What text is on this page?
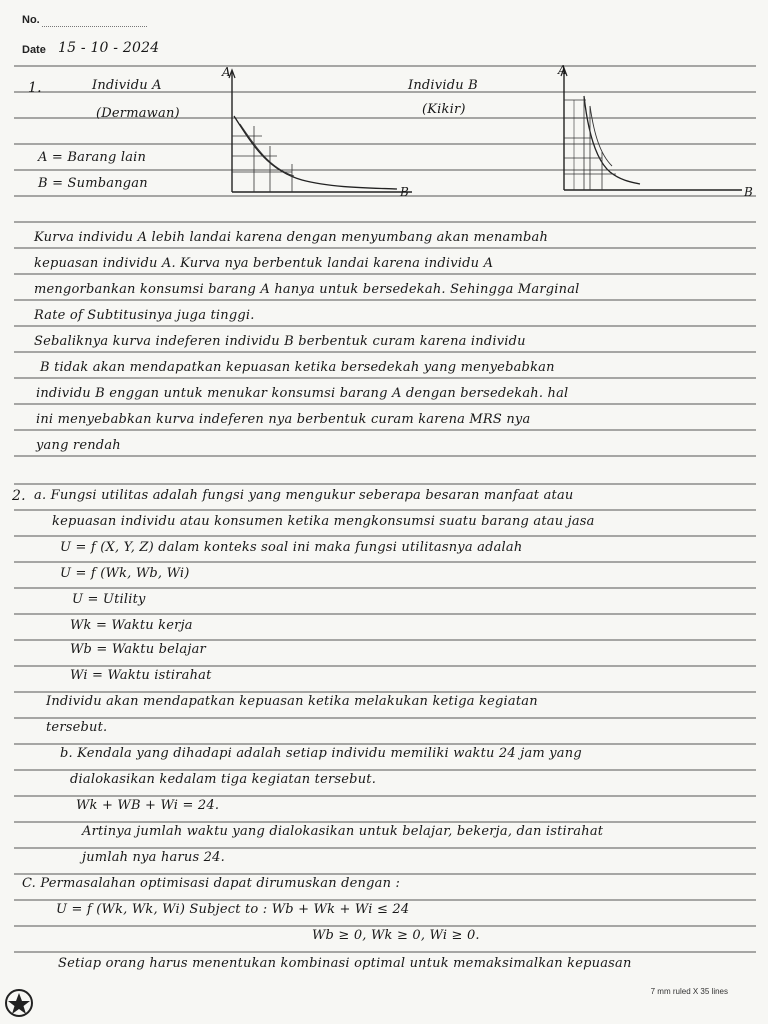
No.
Date 15 - 10 - 2024
1.	Individu A
(Dermawan)
Individu B
(Kikir)
A = Barang lain
B = Sumbangan
A
B
A
B
Kurva individu A lebih landai karena dengan menyumbang akan menambah
kepuasan individu A. Kurva nya berbentuk landai karena individu A
mengorbankan konsumsi barang A hanya untuk bersedekah. Sehingga Marginal
Rate of Subtitusinya juga tinggi.
Sebaliknya kurva indeferen individu B berbentuk curam karena individu
B tidak akan mendapatkan kepuasan ketika bersedekah yang menyebabkan
individu B enggan untuk menukar konsumsi barang A dengan bersedekah. hal
ini menyebabkan kurva indeferen nya berbentuk curam karena MRS nya
yang rendah
2. a. Fungsi utilitas adalah fungsi yang mengukur seberapa besaran manfaat atau
kepuasan individu atau konsumen ketika mengkonsumsi suatu barang atau jasa
U = f (X, Y, Z) dalam konteks soal ini maka fungsi utilitasnya adalah
U = f (Wk, Wb, Wi)
U = Utility
Wk = Waktu kerja
Wb = Waktu belajar
Wi = Waktu istirahat
Individu akan mendapatkan kepuasan ketika melakukan ketiga kegiatan
tersebut.
b. Kendala yang dihadapi adalah setiap individu memiliki waktu 24 jam yang
dialokasikan kedalam tiga kegiatan tersebut.
Wk + WB + Wi = 24.
Artinya jumlah waktu yang dialokasikan untuk belajar, bekerja, dan istirahat
jumlah nya harus 24.
C. Permasalahan optimisasi dapat dirumuskan dengan :
U = f (Wk, Wk, Wi) Subject to : Wb + Wk + Wi ≤ 24
Wb ≥ 0, Wk ≥ 0, Wi ≥ 0.
Setiap orang harus menentukan kombinasi optimal untuk memaksimalkan kepuasan
7 mm ruled X 35 lines
